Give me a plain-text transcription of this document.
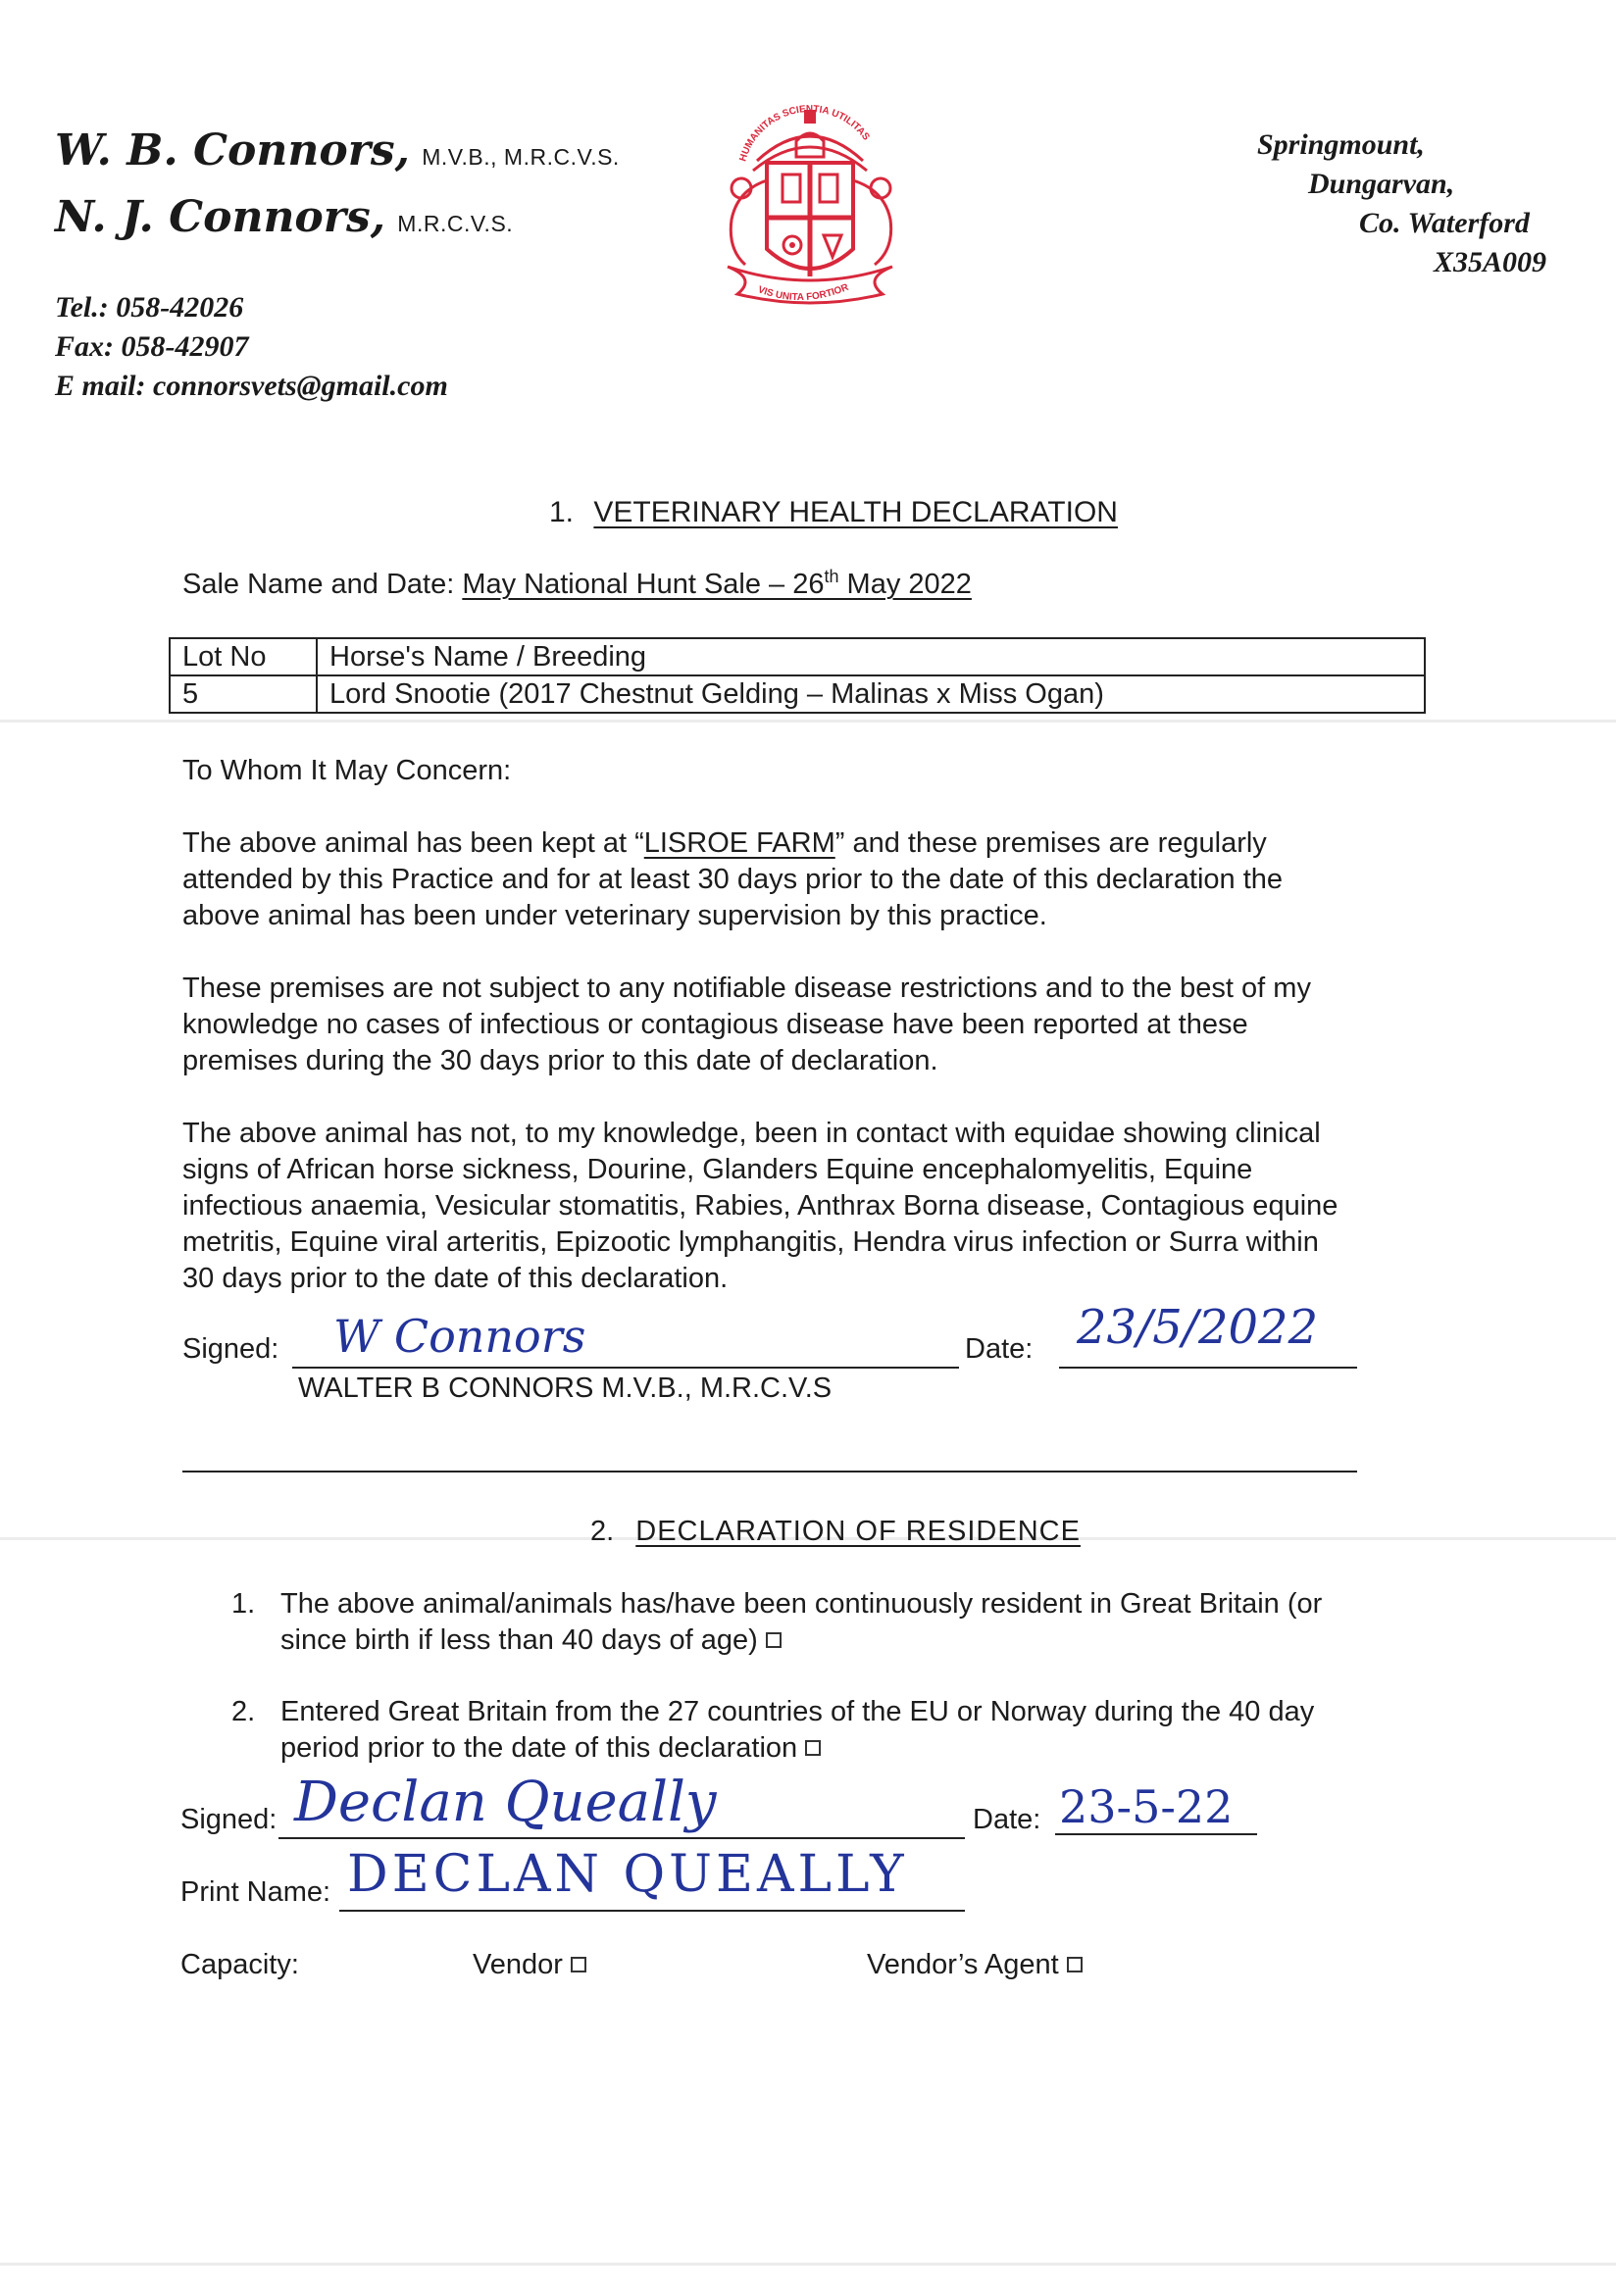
W. B. Connors, M.V.B., M.R.C.V.S.
N. J. Connors, M.R.C.V.S.
Tel.: 058-42026
Fax: 058-42907
E mail: connorsvets@gmail.com
HUMANITAS SCIENTIA UTILITAS
VIS UNITA FORTIOR
Springmount,
Dungarvan,
Co. Waterford
X35A009
1. VETERINARY HEALTH DECLARATION
Sale Name and Date: May National Hunt Sale – 26th May 2022
Lot No	Horse's Name / Breeding
5	Lord Snootie (2017 Chestnut Gelding – Malinas x Miss Ogan)
To Whom It May Concern:
The above animal has been kept at “LISROE FARM” and these premises are regularly
attended by this Practice and for at least 30 days prior to the date of this declaration the
above animal has been under veterinary supervision by this practice.
These premises are not subject to any notifiable disease restrictions and to the best of my
knowledge no cases of infectious or contagious disease have been reported at these
premises during the 30 days prior to this date of declaration.
The above animal has not, to my knowledge, been in contact with equidae showing clinical
signs of African horse sickness, Dourine, Glanders Equine encephalomyelitis, Equine
infectious anaemia, Vesicular stomatitis, Rabies, Anthrax Borna disease, Contagious equine
metritis, Equine viral arteritis, Epizootic lymphangitis, Hendra virus infection or Surra within
30 days prior to the date of this declaration.
Signed: W Connors	Date: 23/5/2022
WALTER B CONNORS M.V.B., M.R.C.V.S
2. DECLARATION OF RESIDENCE
1. The above animal/animals has/have been continuously resident in Great Britain (or
since birth if less than 40 days of age)
2. Entered Great Britain from the 27 countries of the EU or Norway during the 40 day
period prior to the date of this declaration
Signed: Declan Queally	Date: 23-5-22
Print Name: DECLAN QUEALLY
Capacity:	Vendor	Vendor’s Agent
